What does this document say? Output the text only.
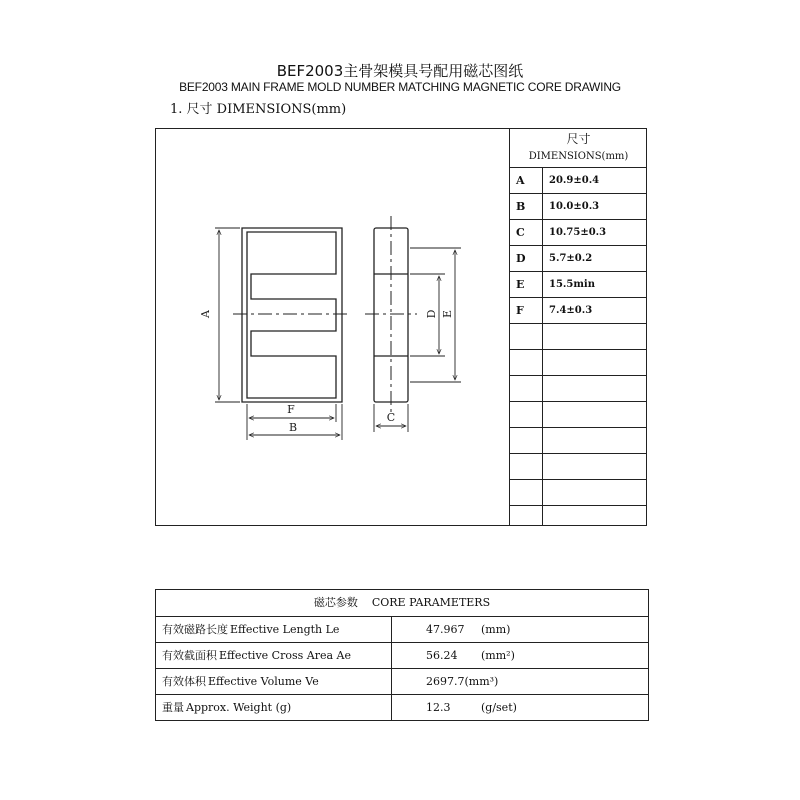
BEF2003主骨架模具号配用磁芯图纸
BEF2003 MAIN FRAME MOLD NUMBER MATCHING MAGNETIC CORE DRAWING
1. 尺寸 DIMENSIONS(mm)
A
F
B
C
D E
尺寸
DIMENSIONS(mm)
A	20.9±0.4
B	10.0±0.3
C	10.75±0.3
D	5.7±0.2
E	15.5min
F	7.4±0.3
磁芯参数 CORE PARAMETERS
有效磁路长度 Effective Length Le	47.967 (mm)
有效截面积 Effective Cross Area Ae	56.24 (mm²)
有效体积 Effective Volume Ve	2697.7(mm³)
重量 Approx. Weight (g)	12.3	(g/set)
